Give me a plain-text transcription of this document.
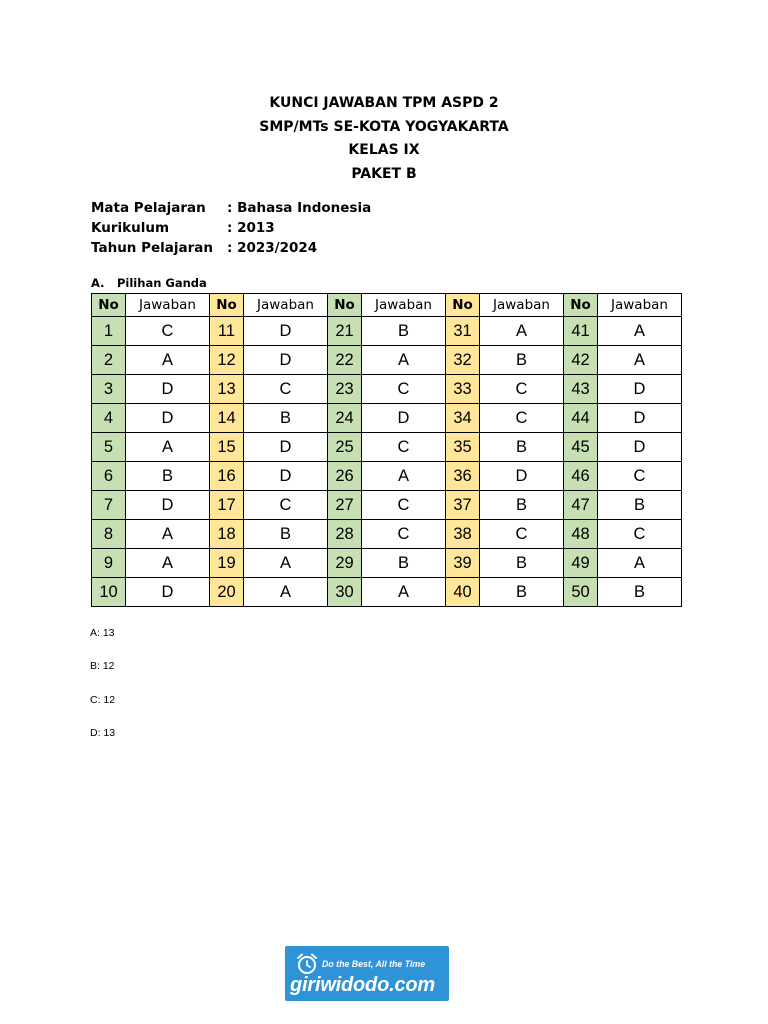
KUNCI JAWABAN TPM ASPD 2
SMP/MTs SE-KOTA YOGYAKARTA
KELAS IX
PAKET B
Mata Pelajaran	: Bahasa Indonesia
Kurikulum	: 2013
Tahun Pelajaran	: 2023/2024
A. Pilihan Ganda
No	Jawaban	No	Jawaban	No	Jawaban	No	Jawaban	No	Jawaban
1	C	11	D	21	B	31	A	41	A
2	A	12	D	22	A	32	B	42	A
3	D	13	C	23	C	33	C	43	D
4	D	14	B	24	D	34	C	44	D
5	A	15	D	25	C	35	B	45	D
6	B	16	D	26	A	36	D	46	C
7	D	17	C	27	C	37	B	47	B
8	A	18	B	28	C	38	C	48	C
9	A	19	A	29	B	39	B	49	A
10	D	20	A	30	A	40	B	50	B
A: 13
B: 12
C: 12
D: 13
Do the Best, All the Time
giriwidodo.com
